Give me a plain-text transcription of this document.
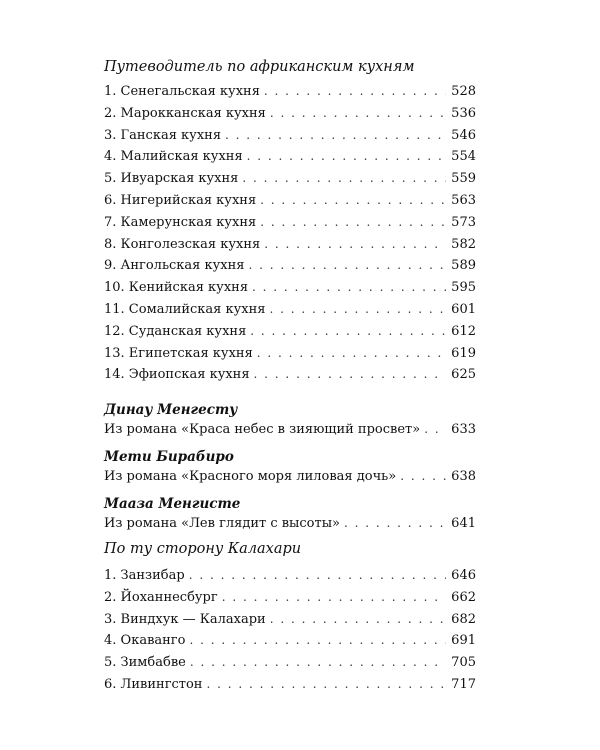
Путеводитель по африканским кухням
1. Сенегальская кухня . . .	528
2. Марокканская кухня . . .	536
3. Ганская кухня . . .	546
4. Малийская кухня . . .	554
5. Ивуарская кухня . . .	559
6. Нигерийская кухня . . .	563
7. Камерунская кухня . . .	573
8. Конголезская кухня . . .	582
9. Ангольская кухня . . .	589
10. Кенийская кухня . . .	595
11. Сомалийская кухня . . .	601
12. Суданская кухня . . .	612
13. Египетская кухня . . .	619
14. Эфиопская кухня . . .	625
Динау Менгесту
Из романа «Краса небес в зияющий просвет» . . .	633
Мети Бирабиро
Из романа «Красного моря лиловая дочь» . . .	638
Мааза Менгисте
Из романа «Лев глядит с высоты» . . .	641
По ту сторону Калахари
1. Занзибар . . .	646
2. Йоханнесбург . . .	662
3. Виндхук — Калахари . . .	682
4. Окаванго . . .	691
5. Зимбабве . . .	705
6. Ливингстон . . .	717
